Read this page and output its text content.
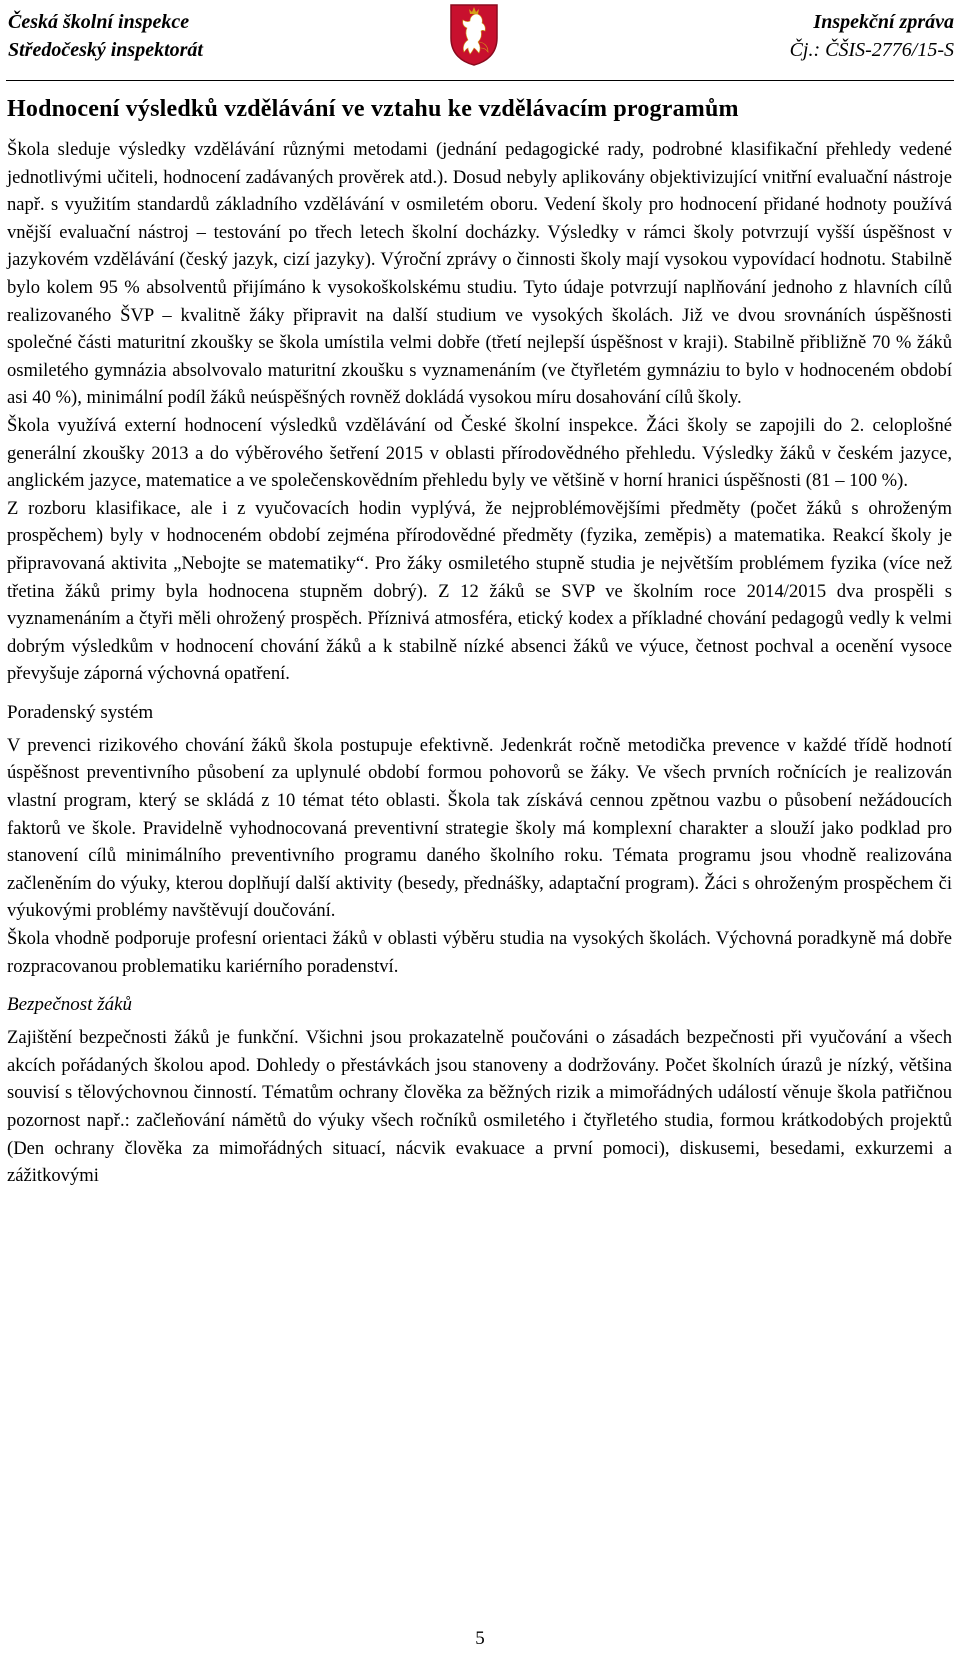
Česká školní inspekce
Středočeský inspektorát
Inspekční zpráva
Čj.: ČŠIS-2776/15-S
Hodnocení výsledků vzdělávání ve vztahu ke vzdělávacím programům

Škola sleduje výsledky vzdělávání různými metodami (jednání pedagogické rady, podrobné klasifikační přehledy vedené jednotlivými učiteli, hodnocení zadávaných prověrek atd.). Dosud nebyly aplikovány objektivizující vnitřní evaluační nástroje např. s využitím standardů základního vzdělávání v osmiletém oboru. Vedení školy pro hodnocení přidané hodnoty používá vnější evaluační nástroj – testování po třech letech školní docházky. Výsledky v rámci školy potvrzují vyšší úspěšnost v jazykovém vzdělávání (český jazyk, cizí jazyky). Výroční zprávy o činnosti školy mají vysokou vypovídací hodnotu. Stabilně bylo kolem 95 % absolventů přijímáno k vysokoškolskému studiu. Tyto údaje potvrzují naplňování jednoho z hlavních cílů realizovaného ŠVP – kvalitně žáky připravit na další studium ve vysokých školách. Již ve dvou srovnáních úspěšnosti společné části maturitní zkoušky se škola umístila velmi dobře (třetí nejlepší úspěšnost v kraji). Stabilně přibližně 70 % žáků osmiletého gymnázia absolvovalo maturitní zkoušku s vyznamenáním (ve čtyřletém gymnáziu to bylo v hodnoceném období asi 40 %), minimální podíl žáků neúspěšných rovněž dokládá vysokou míru dosahování cílů školy.

Škola využívá externí hodnocení výsledků vzdělávání od České školní inspekce. Žáci školy se zapojili do 2. celoplošné generální zkoušky 2013 a do výběrového šetření 2015 v oblasti přírodovědného přehledu. Výsledky žáků v českém jazyce, anglickém jazyce, matematice a ve společenskovědním přehledu byly ve většině v horní hranici úspěšnosti (81 – 100 %).

Z rozboru klasifikace, ale i z vyučovacích hodin vyplývá, že nejproblémovějšími předměty (počet žáků s ohroženým prospěchem) byly v hodnoceném období zejména přírodovědné předměty (fyzika, zeměpis) a matematika. Reakcí školy je připravovaná aktivita „Nebojte se matematiky“. Pro žáky osmiletého stupně studia je největším problémem fyzika (více než třetina žáků primy byla hodnocena stupněm dobrý). Z 12 žáků se SVP ve školním roce 2014/2015 dva prospěli s vyznamenáním a čtyři měli ohrožený prospěch. Příznivá atmosféra, etický kodex a příkladné chování pedagogů vedly k velmi dobrým výsledkům v hodnocení chování žáků a k stabilně nízké absenci žáků ve výuce, četnost pochval a ocenění vysoce převyšuje záporná výchovná opatření.

Poradenský systém

V prevenci rizikového chování žáků škola postupuje efektivně. Jedenkrát ročně metodička prevence v každé třídě hodnotí úspěšnost preventivního působení za uplynulé období formou pohovorů se žáky. Ve všech prvních ročnících je realizován vlastní program, který se skládá z 10 témat této oblasti. Škola tak získává cennou zpětnou vazbu o působení nežádoucích faktorů ve škole. Pravidelně vyhodnocovaná preventivní strategie školy má komplexní charakter a slouží jako podklad pro stanovení cílů minimálního preventivního programu daného školního roku. Témata programu jsou vhodně realizována začleněním do výuky, kterou doplňují další aktivity (besedy, přednášky, adaptační program). Žáci s ohroženým prospěchem či výukovými problémy navštěvují doučování.

Škola vhodně podporuje profesní orientaci žáků v oblasti výběru studia na vysokých školách. Výchovná poradkyně má dobře rozpracovanou problematiku kariérního poradenství.

Bezpečnost žáků

Zajištění bezpečnosti žáků je funkční. Všichni jsou prokazatelně poučováni o zásadách bezpečnosti při vyučování a všech akcích pořádaných školou apod. Dohledy o přestávkách jsou stanoveny a dodržovány. Počet školních úrazů je nízký, většina souvisí s tělovýchovnou činností. Tématům ochrany člověka za běžných rizik a mimořádných událostí věnuje škola patřičnou pozornost např.: začleňování námětů do výuky všech ročníků osmiletého i čtyřletého studia, formou krátkodobých projektů (Den ochrany člověka za mimořádných situací, nácvik evakuace a první pomoci), diskusemi, besedami, exkurzemi a zážitkovými

5
